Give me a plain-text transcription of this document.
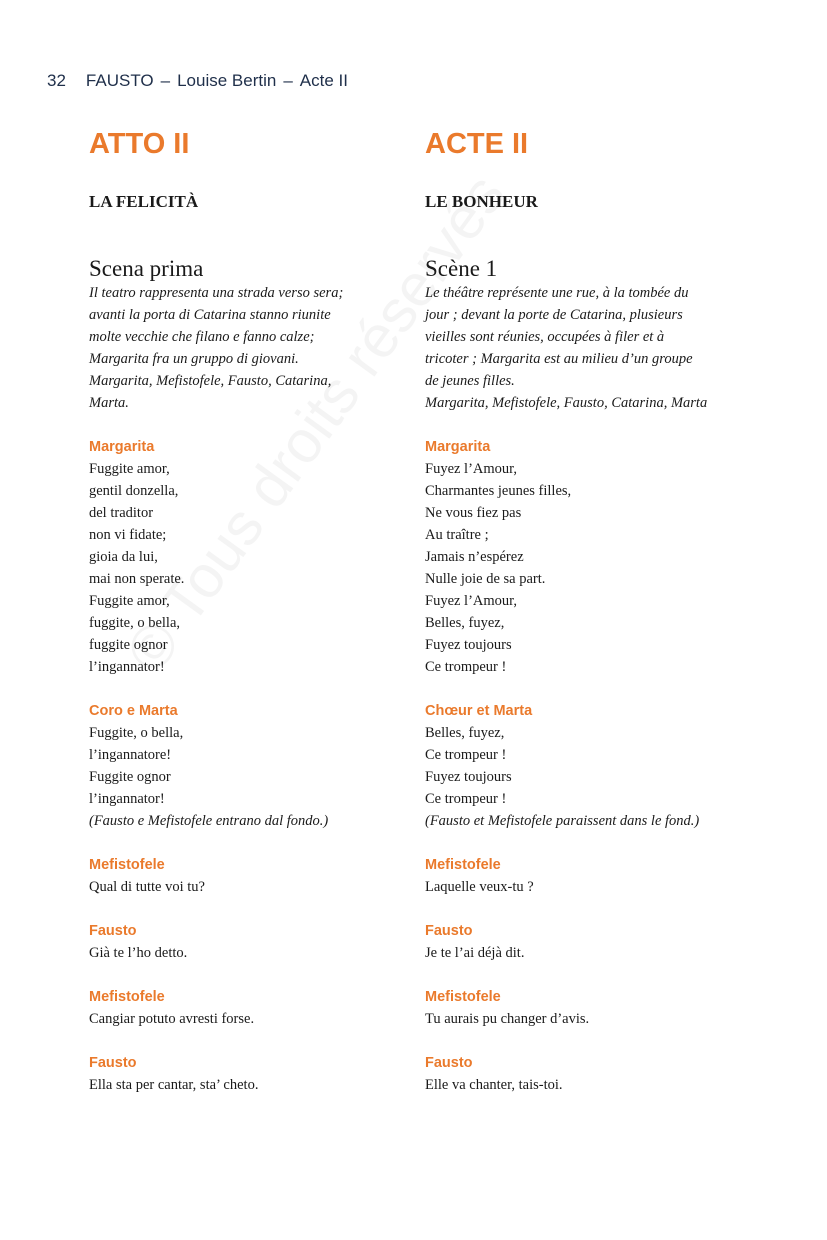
32 FAUSTO – Louise Bertin – Acte II
ATTO II
LA FELICITÀ
Scena prima
Il teatro rappresenta una strada verso sera;
avanti la porta di Catarina stanno riunite
molte vecchie che filano e fanno calze;
Margarita fra un gruppo di giovani.
Margarita, Mefistofele, Fausto, Catarina,
Marta.
Margarita
Fuggite amor,
gentil donzella,
del traditor
non vi fidate;
gioia da lui,
mai non sperate.
Fuggite amor,
fuggite, o bella,
fuggite ognor
l’ingannator!
Coro e Marta
Fuggite, o bella,
l’ingannatore!
Fuggite ognor
l’ingannator!
(Fausto e Mefistofele entrano dal fondo.)
Mefistofele
Qual di tutte voi tu?
Fausto
Già te l’ho detto.
Mefistofele
Cangiar potuto avresti forse.
Fausto
Ella sta per cantar, sta’ cheto.
ACTE II
LE BONHEUR
Scène 1
Le théâtre représente une rue, à la tombée du
jour ; devant la porte de Catarina, plusieurs
vieilles sont réunies, occupées à filer et à
tricoter ; Margarita est au milieu d’un groupe
de jeunes filles.
Margarita, Mefistofele, Fausto, Catarina, Marta
Margarita
Fuyez l’Amour,
Charmantes jeunes filles,
Ne vous fiez pas
Au traître ;
Jamais n’espérez
Nulle joie de sa part.
Fuyez l’Amour,
Belles, fuyez,
Fuyez toujours
Ce trompeur !
Chœur et Marta
Belles, fuyez,
Ce trompeur !
Fuyez toujours
Ce trompeur !
(Fausto et Mefistofele paraissent dans le fond.)
Mefistofele
Laquelle veux-tu ?
Fausto
Je te l’ai déjà dit.
Mefistofele
Tu aurais pu changer d’avis.
Fausto
Elle va chanter, tais-toi.
